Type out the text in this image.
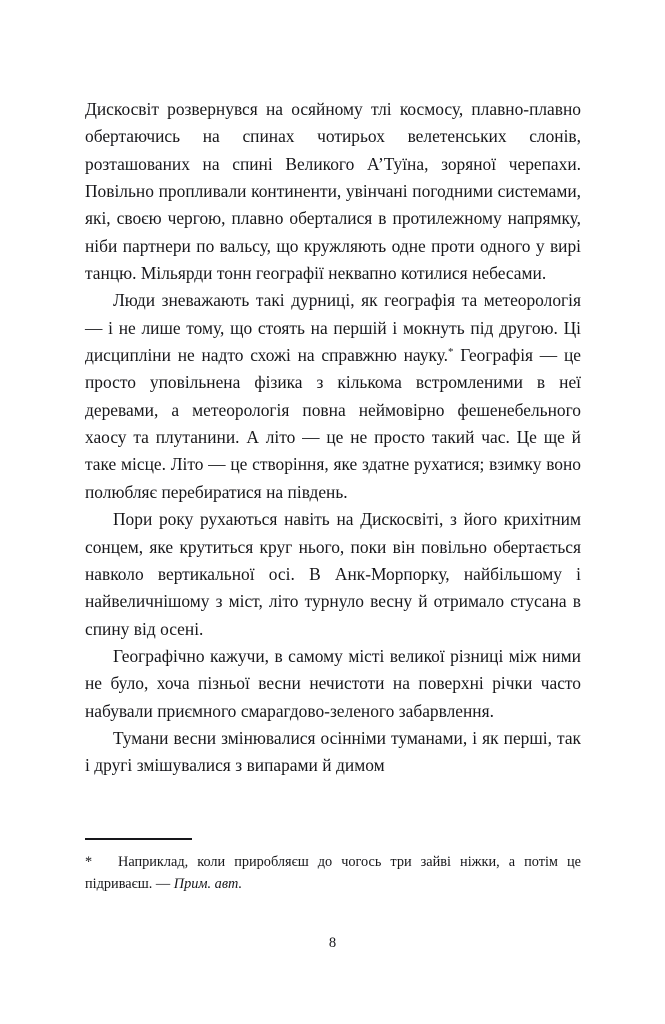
Дискосвіт розвернувся на осяйному тлі космосу, плавно-плавно обертаючись на спинах чотирьох велетенських слонів, розташованих на спині Великого А’Туїна, зоряної черепахи. Повільно пропливали континенти, увінчані погодними системами, які, своєю чергою, плавно оберталися в протилежному напрямку, ніби партнери по вальсу, що кружляють одне проти одного у вирі танцю. Мільярди тонн географії неквапно котилися небесами.

Люди зневажають такі дурниці, як географія та метеорологія — і не лише тому, що стоять на першій і мокнуть під другою. Ці дисципліни не надто схожі на справжню науку.* Географія — це просто уповільнена фізика з кількома встромленими в неї деревами, а метеорологія повна неймовірно фешенебельного хаосу та плутанини. А літо — це не просто такий час. Це ще й таке місце. Літо — це створіння, яке здатне рухатися; взимку воно полюбляє перебиратися на південь.

Пори року рухаються навіть на Дискосвіті, з його крихітним сонцем, яке крутиться круг нього, поки він повільно обертається навколо вертикальної осі. В Анк-Морпорку, найбільшому і найвеличнішому з міст, літо турнуло весну й отримало стусана в спину від осені.

Географічно кажучи, в самому місті великої різниці між ними не було, хоча пізньої весни нечистоти на поверхні річки часто набували приємного смарагдово-зеленого забарвлення.

Тумани весни змінювалися осінніми туманами, і як перші, так і другі змішувалися з випарами й димом

* Наприклад, коли приробляєш до чогось три зайві ніжки, а потім це підриваєш. — Прим. авт.

8
